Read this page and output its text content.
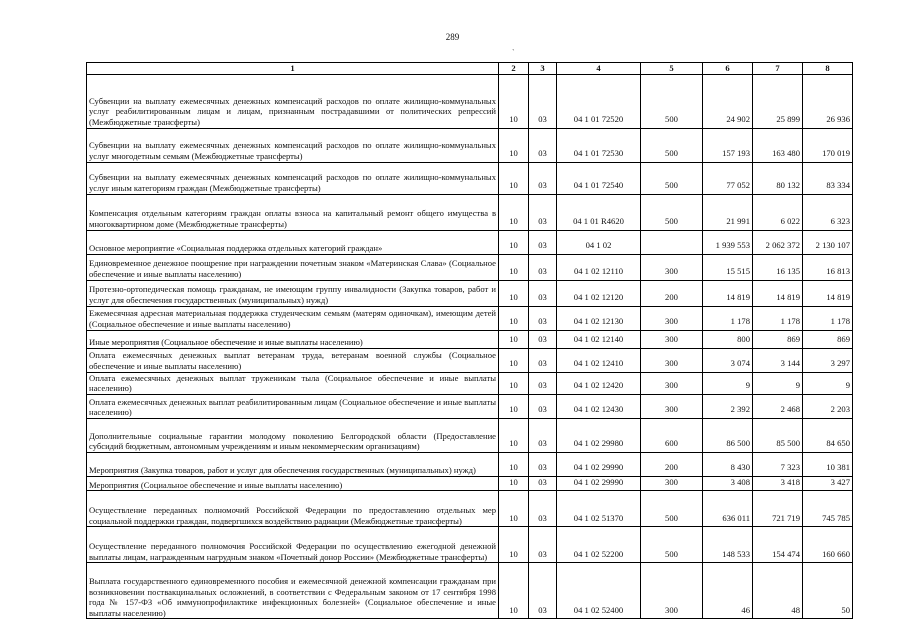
289
`
1	2	3	4	5	6	7	8
Субвенции на выплату ежемесячных денежных компенсаций расходов по оплате жилищно-коммунальных услуг реабилитированным лицам и лицам, признанным пострадавшими от политических репрессий (Межбюджетные трансферты)	10	03	04 1 01 72520	500	24 902	25 899	26 936
Субвенции на выплату ежемесячных денежных компенсаций расходов по оплате жилищно-коммунальных услуг многодетным семьям (Межбюджетные трансферты)	10	03	04 1 01 72530	500	157 193	163 480	170 019
Субвенции на выплату ежемесячных денежных компенсаций расходов по оплате жилищно-коммунальных услуг иным категориям граждан (Межбюджетные трансферты)	10	03	04 1 01 72540	500	77 052	80 132	83 334
Компенсация отдельным категориям граждан оплаты взноса на капитальный ремонт общего имущества в многоквартирном доме (Межбюджетные трансферты)	10	03	04 1 01 R4620	500	21 991	6 022	6 323
Основное мероприятие «Социальная поддержка отдельных категорий граждан»	10	03	04 1 02		1 939 553	2 062 372	2 130 107
Единовременное денежное поощрение при награждении почетным знаком «Материнская Слава» (Социальное обеспечение и иные выплаты населению)	10	03	04 1 02 12110	300	15 515	16 135	16 813
Протезно-ортопедическая помощь гражданам, не имеющим группу инвалидности (Закупка товаров, работ и услуг для обеспечения государственных (муниципальных) нужд)	10	03	04 1 02 12120	200	14 819	14 819	14 819
Ежемесячная адресная материальная поддержка студенческим семьям (матерям одиночкам), имеющим детей (Социальное обеспечение и иные выплаты населению)	10	03	04 1 02 12130	300	1 178	1 178	1 178
Иные мероприятия (Социальное обеспечение и иные выплаты населению)	10	03	04 1 02 12140	300	800	869	869
Оплата ежемесячных денежных выплат ветеранам труда, ветеранам военной службы (Социальное обеспечение и иные выплаты населению)	10	03	04 1 02 12410	300	3 074	3 144	3 297
Оплата ежемесячных денежных выплат труженикам тыла (Социальное обеспечение и иные выплаты населению)	10	03	04 1 02 12420	300	9	9	9
Оплата ежемесячных денежных выплат реабилитированным лицам (Социальное обеспечение и иные выплаты населению)	10	03	04 1 02 12430	300	2 392	2 468	2 203
Дополнительные социальные гарантии молодому поколению Белгородской области (Предоставление субсидий бюджетным, автономным учреждениям и иным некоммерческим организациям)	10	03	04 1 02 29980	600	86 500	85 500	84 650
Мероприятия (Закупка товаров, работ и услуг для обеспечения государственных (муниципальных) нужд)	10	03	04 1 02 29990	200	8 430	7 323	10 381
Мероприятия (Социальное обеспечение и иные выплаты населению)	10	03	04 1 02 29990	300	3 408	3 418	3 427
Осуществление переданных полномочий Российской Федерации по предоставлению отдельных мер социальной поддержки граждан, подвергшихся воздействию радиации (Межбюджетные трансферты)	10	03	04 1 02 51370	500	636 011	721 719	745 785
Осуществление переданного полномочия Российской Федерации по осуществлению ежегодной денежной выплаты лицам, награжденным нагрудным знаком «Почетный донор России» (Межбюджетные трансферты)	10	03	04 1 02 52200	500	148 533	154 474	160 660
Выплата государственного единовременного пособия и ежемесячной денежной компенсации гражданам при возникновении поствакцинальных осложнений, в соответствии с Федеральным законом от 17 сентября 1998 года № 157-ФЗ «Об иммунопрофилактике инфекционных болезней» (Социальное обеспечение и иные выплаты населению)	10	03	04 1 02 52400	300	46	48	50
